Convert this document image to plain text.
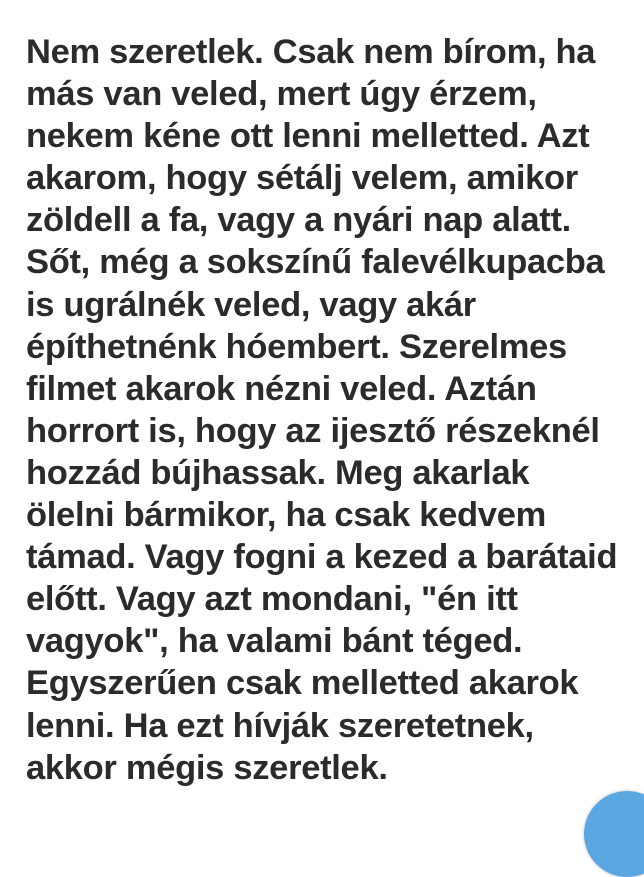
Nem szeretlek. Csak nem bírom, ha
más van veled, mert úgy érzem,
nekem kéne ott lenni melletted. Azt
akarom, hogy sétálj velem, amikor
zöldell a fa, vagy a nyári nap alatt.
Sőt, még a sokszínű falevélkupacba
is ugrálnék veled, vagy akár
építhetnénk hóembert. Szerelmes
filmet akarok nézni veled. Aztán
horrort is, hogy az ijesztő részeknél
hozzád bújhassak. Meg akarlak
ölelni bármikor, ha csak kedvem
támad. Vagy fogni a kezed a barátaid
előtt. Vagy azt mondani, "én itt
vagyok", ha valami bánt téged.
Egyszerűen csak melletted akarok
lenni. Ha ezt hívják szeretetnek,
akkor mégis szeretlek.
